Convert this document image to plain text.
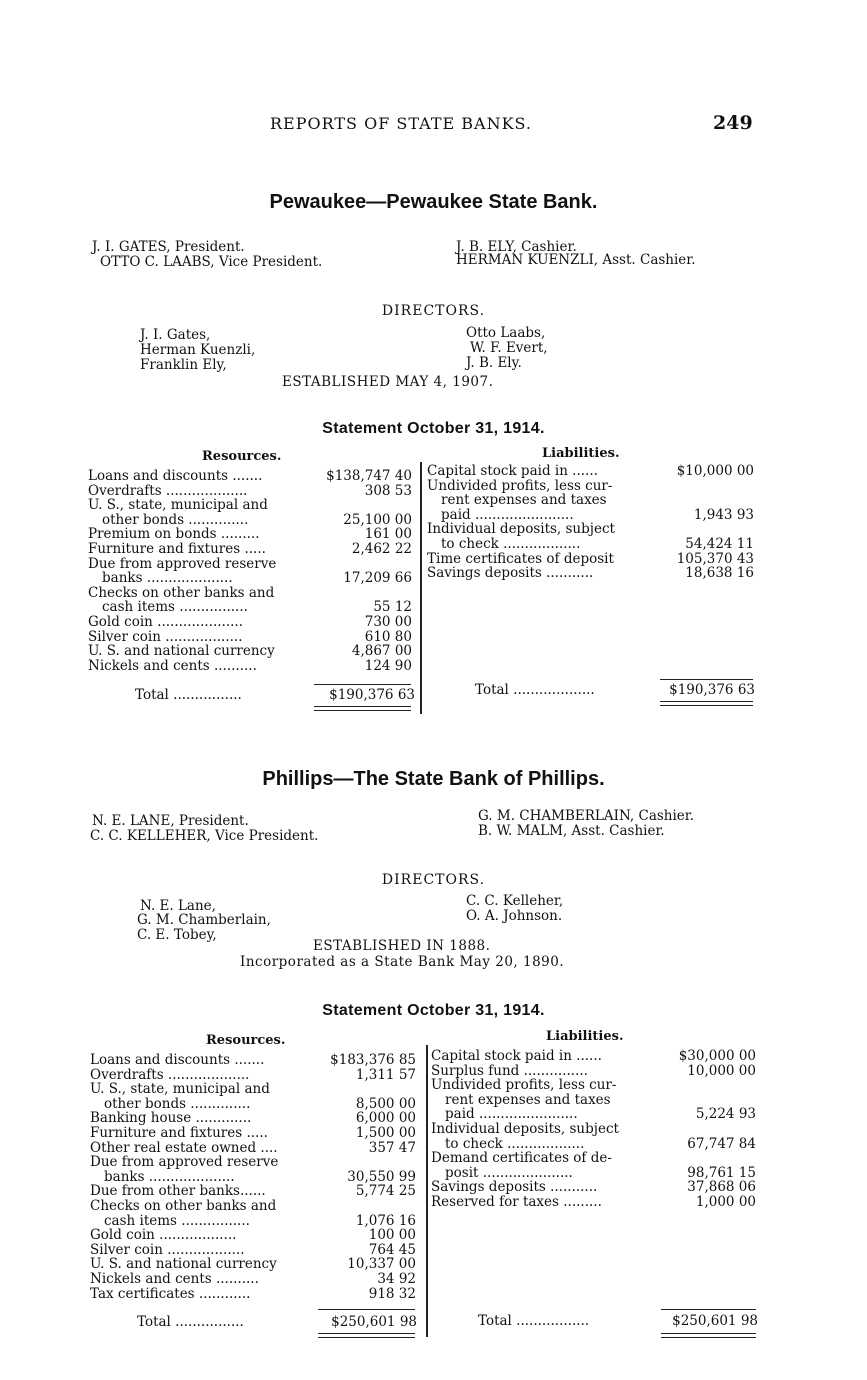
REPORTS OF STATE BANKS.	249
Pewaukee—Pewaukee State Bank.
J. I. GATES, President.
OTTO C. LAABS, Vice President.
J. B. ELY, Cashier.
HERMAN KUENZLI, Asst. Cashier.
DIRECTORS.
J. I. Gates,
Herman Kuenzli,
Franklin Ely,
Otto Laabs,
W. F. Evert,
J. B. Ely.
ESTABLISHED MAY 4, 1907.
Statement October 31, 1914.
Resources.	Liabilities.
Loans and discounts .......	$138,747 40
Overdrafts ...................	308 53
U. S., state, municipal and
other bonds ..............	25,100 00
Premium on bonds .........	161 00
Furniture and fixtures .....	2,462 22
Due from approved reserve
banks ....................	17,209 66
Checks on other banks and
cash items ................	55 12
Gold coin ....................	730 00
Silver coin ..................	610 80
U. S. and national currency	4,867 00
Nickels and cents ..........	124 90
Capital stock paid in ......	$10,000 00
Undivided profits, less cur-
rent expenses and taxes
paid .......................	1,943 93
Individual deposits, subject
to check ..................	54,424 11
Time certificates of deposit	105,370 43
Savings deposits ...........	18,638 16
Total ................	$190,376 63	Total ...................	$190,376 63
Phillips—The State Bank of Phillips.
N. E. LANE, President.
C. C. KELLEHER, Vice President.
G. M. CHAMBERLAIN, Cashier.
B. W. MALM, Asst. Cashier.
DIRECTORS.
N. E. Lane,
G. M. Chamberlain,
C. E. Tobey,
C. C. Kelleher,
O. A. Johnson.
ESTABLISHED IN 1888.
Incorporated as a State Bank May 20, 1890.
Statement October 31, 1914.
Resources.	Liabilities.
Loans and discounts .......	$183,376 85
Overdrafts ...................	1,311 57
U. S., state, municipal and
other bonds ..............	8,500 00
Banking house .............	6,000 00
Furniture and fixtures .....	1,500 00
Other real estate owned ....	357 47
Due from approved reserve
banks ....................	30,550 99
Due from other banks......	5,774 25
Checks on other banks and
cash items ................	1,076 16
Gold coin ..................	100 00
Silver coin ..................	764 45
U. S. and national currency	10,337 00
Nickels and cents ..........	34 92
Tax certificates ............	918 32
Capital stock paid in ......	$30,000 00
Surplus fund ...............	10,000 00
Undivided profits, less cur-
rent expenses and taxes
paid .......................	5,224 93
Individual deposits, subject
to check ..................	67,747 84
Demand certificates of de-
posit .....................	98,761 15
Savings deposits ...........	37,868 06
Reserved for taxes .........	1,000 00
Total ................	$250,601 98	Total .................	$250,601 98
